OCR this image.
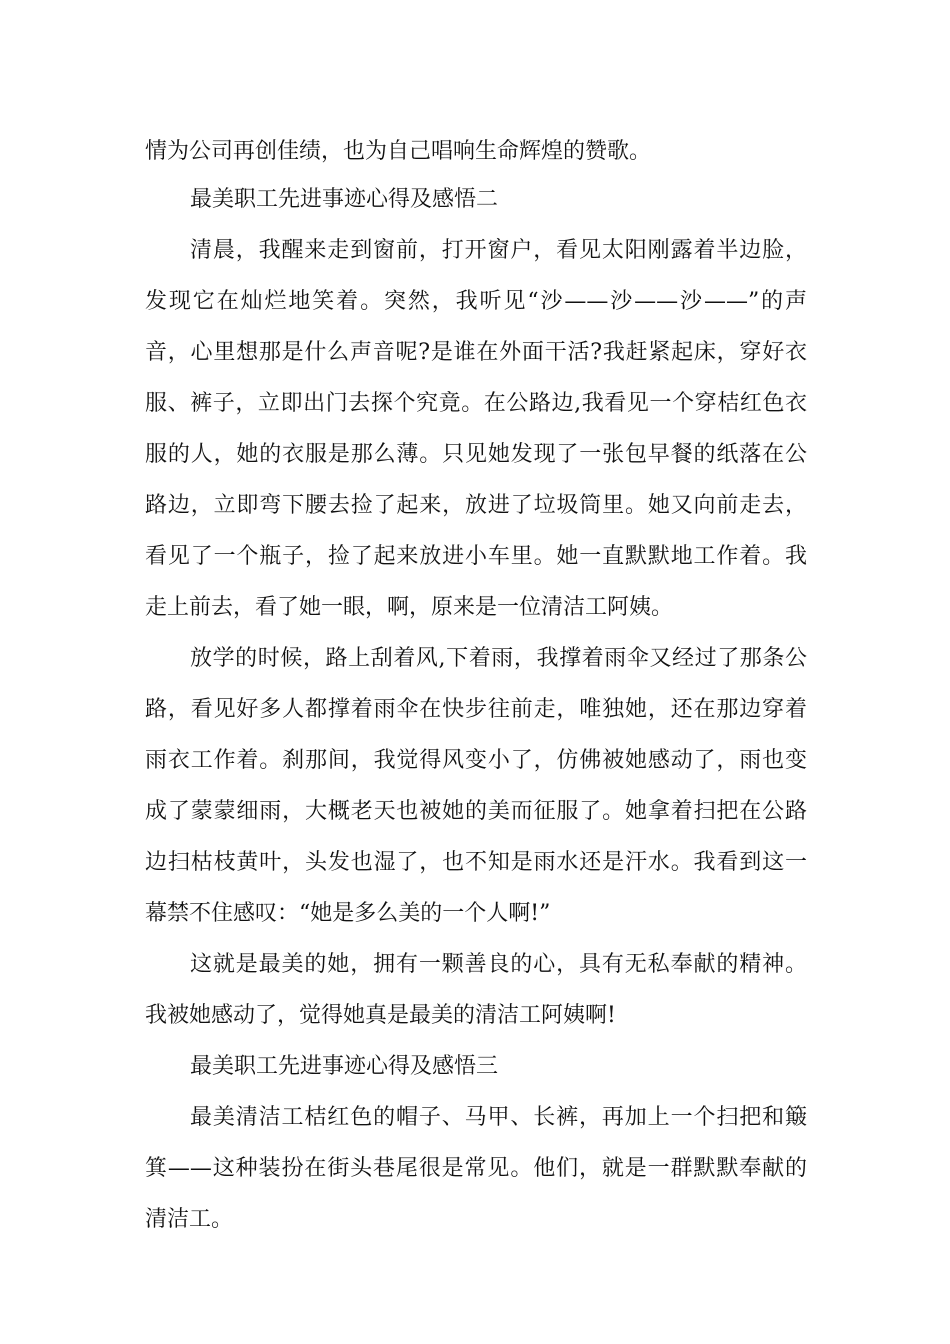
情为公司再创佳绩，也为自己唱响生命辉煌的赞歌。
最美职工先进事迹心得及感悟二
清晨，我醒来走到窗前，打开窗户，看见太阳刚露着半边脸，
发现它在灿烂地笑着。突然，我听见“沙——沙——沙——”的声
音，心里想那是什么声音呢?是谁在外面干活?我赶紧起床，穿好衣
服、裤子，立即出门去探个究竟。在公路边,我看见一个穿桔红色衣
服的人，她的衣服是那么薄。只见她发现了一张包早餐的纸落在公
路边，立即弯下腰去捡了起来，放进了垃圾筒里。她又向前走去，
看见了一个瓶子，捡了起来放进小车里。她一直默默地工作着。我
走上前去，看了她一眼，啊，原来是一位清洁工阿姨。
放学的时候，路上刮着风,下着雨，我撑着雨伞又经过了那条公
路，看见好多人都撑着雨伞在快步往前走，唯独她，还在那边穿着
雨衣工作着。刹那间，我觉得风变小了，仿佛被她感动了，雨也变
成了蒙蒙细雨，大概老天也被她的美而征服了。她拿着扫把在公路
边扫枯枝黄叶，头发也湿了，也不知是雨水还是汗水。我看到这一
幕禁不住感叹：“她是多么美的一个人啊!”
这就是最美的她，拥有一颗善良的心，具有无私奉献的精神。
我被她感动了，觉得她真是最美的清洁工阿姨啊!
最美职工先进事迹心得及感悟三
最美清洁工桔红色的帽子、马甲、长裤，再加上一个扫把和簸
箕——这种装扮在街头巷尾很是常见。他们，就是一群默默奉献的
清洁工。
